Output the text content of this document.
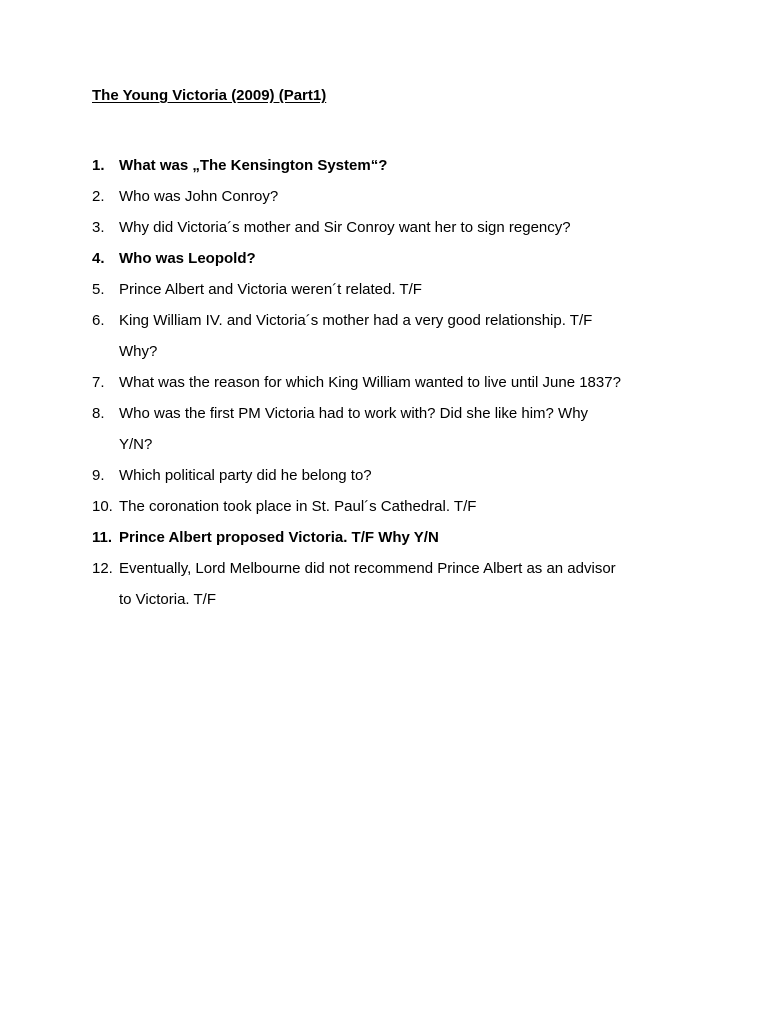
The Young Victoria (2009) (Part1)
1. What was „The Kensington System“?
2. Who was John Conroy?
3. Why did Victoria´s mother and Sir Conroy want her to sign regency?
4. Who was Leopold?
5. Prince Albert and Victoria weren´t related. T/F
6. King William IV. and Victoria´s mother had a very good relationship. T/F
Why?
7. What was the reason for which King William wanted to live until June 1837?
8. Who was the first PM Victoria had to work with? Did she like him? Why
Y/N?
9. Which political party did he belong to?
10. The coronation took place in St. Paul´s Cathedral. T/F
11. Prince Albert proposed Victoria. T/F Why Y/N
12. Eventually, Lord Melbourne did not recommend Prince Albert as an advisor
to Victoria. T/F
